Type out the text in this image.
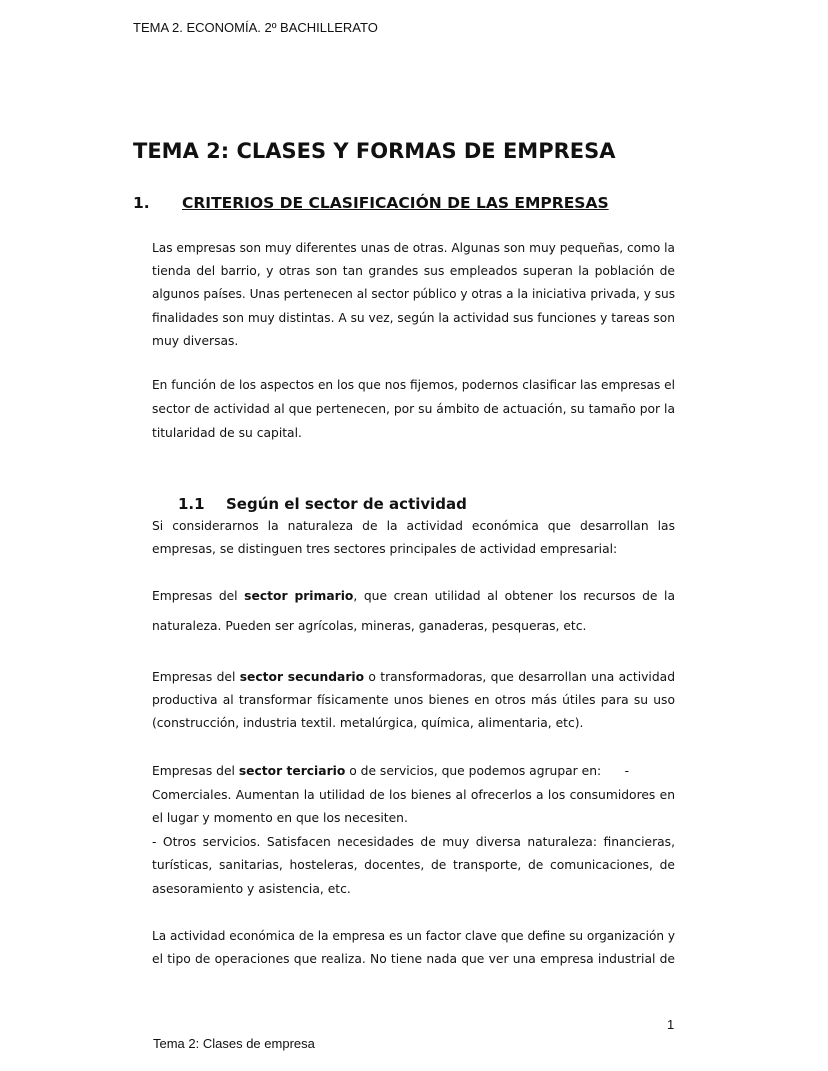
TEMA 2. ECONOMÍA. 2º BACHILLERATO
TEMA 2: CLASES Y FORMAS DE EMPRESA
1. CRITERIOS DE CLASIFICACIÓN DE LAS EMPRESAS
1.1 Según el sector de actividad
Empresas del sector primario, que crean utilidad al obtener los recursos de la
naturaleza. Pueden ser agrícolas, mineras, ganaderas, pesqueras, etc.
Empresas del sector secundario o transformadoras, que desarrollan una actividad
productiva al transformar físicamente unos bienes en otros más útiles para su uso
(construcción, industria textil. metalúrgica, química, alimentaria, etc).
Empresas del sector terciario o de servicios, que podemos agrupar en:      -
1
Tema 2: Clases de empresa
Las empresas son muy diferentes unas de otras. Algunas son muy pequeñas, como la
tienda del barrio, y otras son tan grandes sus empleados superan la población de
algunos países. Unas pertenecen al sector público y otras a la iniciativa privada, y sus
finalidades son muy distintas. A su vez, según la actividad sus funciones y tareas son
muy diversas.
En función de los aspectos en los que nos fijemos, podernos clasificar las empresas el
sector de actividad al que pertenecen, por su ámbito de actuación, su tamaño por la
titularidad de su capital.
Si considerarnos la naturaleza de la actividad económica que desarrollan las
empresas, se distinguen tres sectores principales de actividad empresarial:
Comerciales. Aumentan la utilidad de los bienes al ofrecerlos a los consumidores en
el lugar y momento en que los necesiten.
- Otros servicios. Satisfacen necesidades de muy diversa naturaleza: financieras,
turísticas, sanitarias, hosteleras, docentes, de transporte, de comunicaciones, de
asesoramiento y asistencia, etc.
La actividad económica de la empresa es un factor clave que define su organización y
el tipo de operaciones que realiza. No tiene nada que ver una empresa industrial de
